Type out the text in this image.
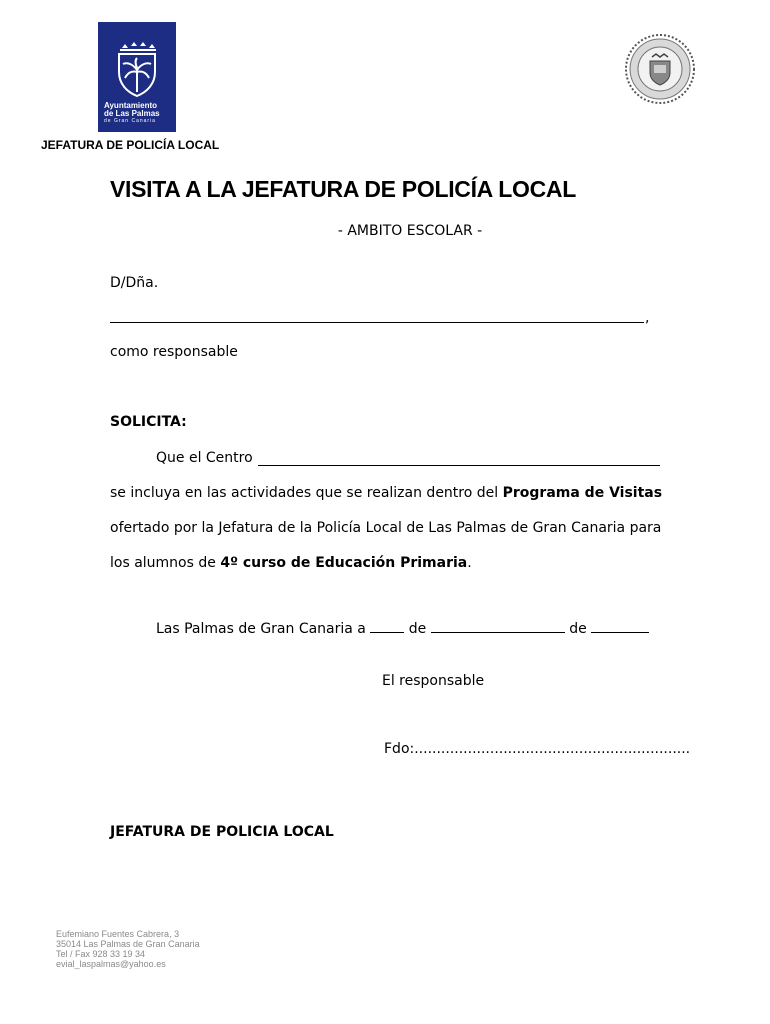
Ayuntamiento
de Las Palmas
de Gran Canaria
JEFATURA DE POLICÍA LOCAL
VISITA A LA JEFATURA DE POLICÍA LOCAL
- AMBITO ESCOLAR -
D/Dña.
,
como responsable
SOLICITA:
Que el Centro
se incluya en las actividades que se realizan dentro del Programa de Visitas
ofertado por la Jefatura de la Policía Local de Las Palmas de Gran Canaria para
los alumnos de 4º curso de Educación Primaria.
Las Palmas de Gran Canaria a	de	de
El responsable
Fdo:..............................................................
JEFATURA DE POLICIA LOCAL
Eufemiano Fuentes Cabrera, 3
35014 Las Palmas de Gran Canaria
Tel / Fax 928 33 19 34
evial_laspalmas@yahoo.es
